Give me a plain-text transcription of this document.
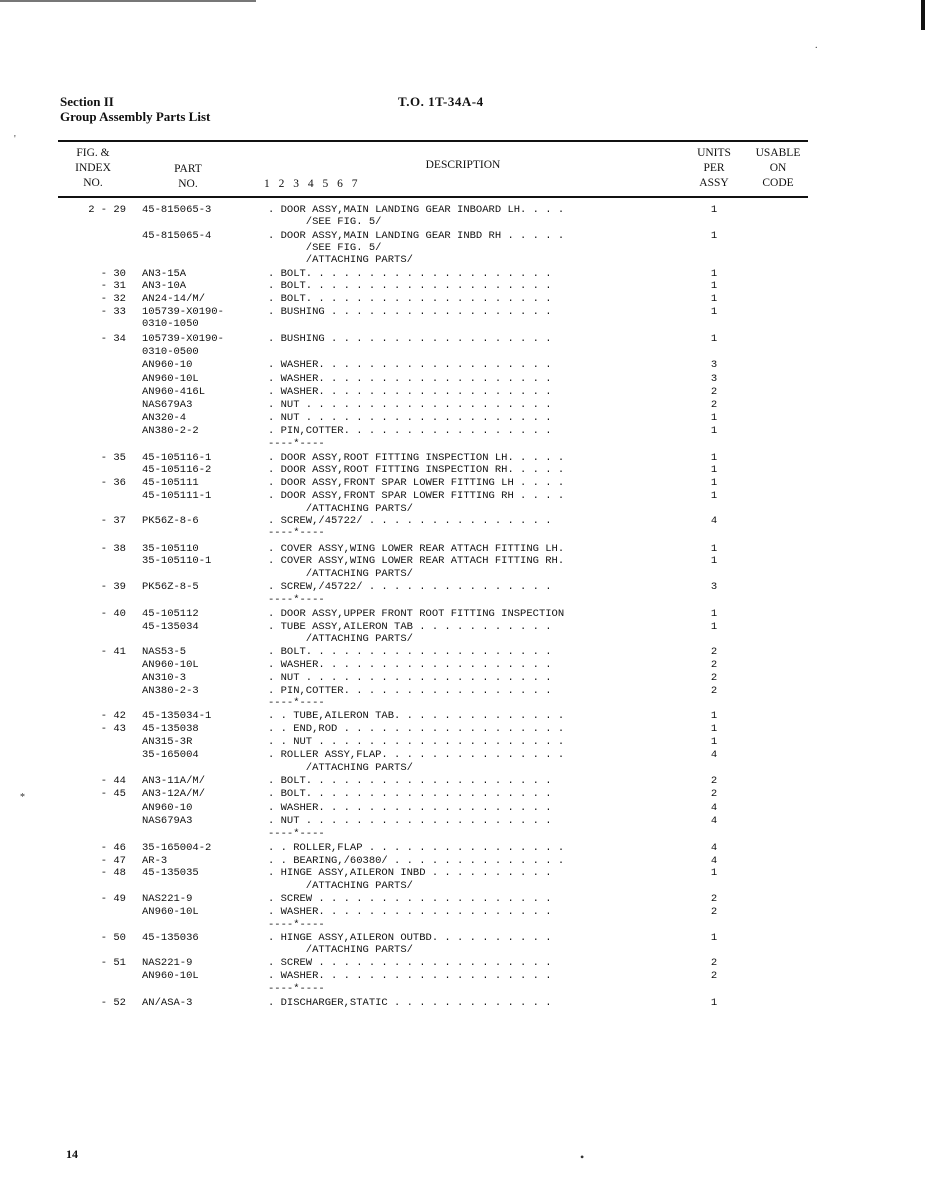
Section II
Group Assembly Parts List
T.O. 1T-34A-4
FIG. &
INDEX
NO.
PART
NO.
DESCRIPTION
1 2 3 4 5 6 7
UNITS
PER
ASSY
USABLE
ON
CODE
2 - 29 45-815065-3	. DOOR ASSY,MAIN LANDING GEAR INBOARD LH. . . .	1
/SEE FIG. 5/
45-815065-4	. DOOR ASSY,MAIN LANDING GEAR INBD RH . . . . .	1
/SEE FIG. 5/
/ATTACHING PARTS/
- 30 AN3-15A	. BOLT. . . . . . . . . . . . . . . . . . . .	1
- 31 AN3-10A	. BOLT. . . . . . . . . . . . . . . . . . . .	1
- 32 AN24-14/M/	. BOLT. . . . . . . . . . . . . . . . . . . .	1
- 33 105739-X0190-	. BUSHING . . . . . . . . . . . . . . . . . .	1
0310-1050
- 34 105739-X0190-	. BUSHING . . . . . . . . . . . . . . . . . .	1
0310-0500
AN960-10	. WASHER. . . . . . . . . . . . . . . . . . .	3
AN960-10L	. WASHER. . . . . . . . . . . . . . . . . . .	3
AN960-416L	. WASHER. . . . . . . . . . . . . . . . . . .	2
NAS679A3	. NUT . . . . . . . . . . . . . . . . . . . .	2
AN320-4	. NUT . . . . . . . . . . . . . . . . . . . .	1
AN380-2-2	. PIN,COTTER. . . . . . . . . . . . . . . . .	1
----*----
- 35 45-105116-1	. DOOR ASSY,ROOT FITTING INSPECTION LH. . . . .	1
45-105116-2	. DOOR ASSY,ROOT FITTING INSPECTION RH. . . . .	1
- 36 45-105111	. DOOR ASSY,FRONT SPAR LOWER FITTING LH . . . .	1
45-105111-1	. DOOR ASSY,FRONT SPAR LOWER FITTING RH . . . .	1
/ATTACHING PARTS/
- 37 PK56Z-8-6	. SCREW,/45722/ . . . . . . . . . . . . . . .	4
----*----
- 38 35-105110	. COVER ASSY,WING LOWER REAR ATTACH FITTING LH.	1
35-105110-1	. COVER ASSY,WING LOWER REAR ATTACH FITTING RH.	1
/ATTACHING PARTS/
- 39 PK56Z-8-5	. SCREW,/45722/ . . . . . . . . . . . . . . .	3
----*----
- 40 45-105112	. DOOR ASSY,UPPER FRONT ROOT FITTING INSPECTION	1
45-135034	. TUBE ASSY,AILERON TAB . . . . . . . . . . .	1
/ATTACHING PARTS/
- 41 NAS53-5	. BOLT. . . . . . . . . . . . . . . . . . . .	2
AN960-10L	. WASHER. . . . . . . . . . . . . . . . . . .	2
AN310-3	. NUT . . . . . . . . . . . . . . . . . . . .	2
AN380-2-3	. PIN,COTTER. . . . . . . . . . . . . . . . .	2
----*----
- 42 45-135034-1	. . TUBE,AILERON TAB. . . . . . . . . . . . . .	1
- 43 45-135038	. . END,ROD . . . . . . . . . . . . . . . . . .	1
AN315-3R	. . NUT . . . . . . . . . . . . . . . . . . . .	1
35-165004	. ROLLER ASSY,FLAP. . . . . . . . . . . . . . .	4
/ATTACHING PARTS/
- 44 AN3-11A/M/	. BOLT. . . . . . . . . . . . . . . . . . . .	2
- 45 AN3-12A/M/	. BOLT. . . . . . . . . . . . . . . . . . . .	2
AN960-10	. WASHER. . . . . . . . . . . . . . . . . . .	4
NAS679A3	. NUT . . . . . . . . . . . . . . . . . . . .	4
----*----
- 46 35-165004-2	. . ROLLER,FLAP . . . . . . . . . . . . . . . .	4
- 47 AR-3	. . BEARING,/60380/ . . . . . . . . . . . . . .	4
- 48 45-135035	. HINGE ASSY,AILERON INBD . . . . . . . . . .	1
/ATTACHING PARTS/
- 49 NAS221-9	. SCREW . . . . . . . . . . . . . . . . . . .	2
AN960-10L	. WASHER. . . . . . . . . . . . . . . . . . .	2
----*----
- 50 45-135036	. HINGE ASSY,AILERON OUTBD. . . . . . . . . .	1
/ATTACHING PARTS/
- 51 NAS221-9	. SCREW . . . . . . . . . . . . . . . . . . .	2
AN960-10L	. WASHER. . . . . . . . . . . . . . . . . . .	2
----*----
- 52 AN/ASA-3	. DISCHARGER,STATIC . . . . . . . . . . . . .	1
14
'
*
•
.
